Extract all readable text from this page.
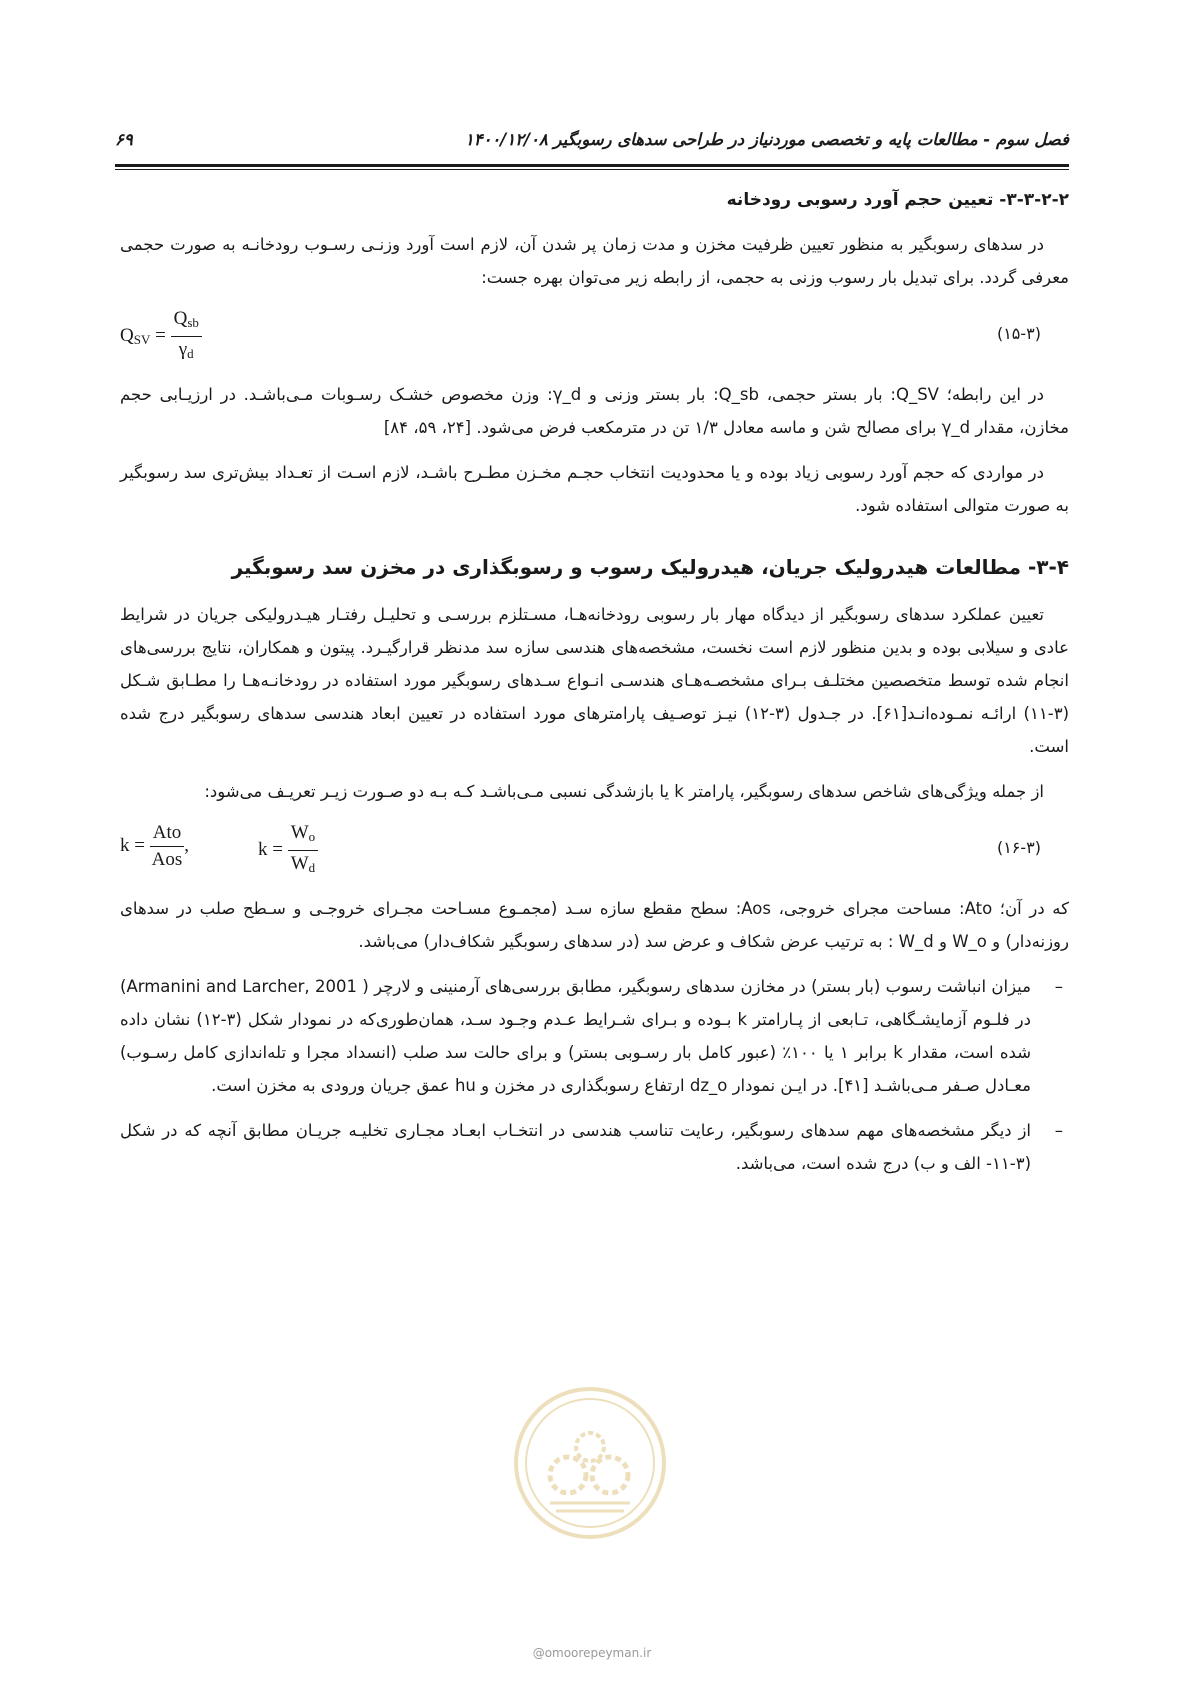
فصل سوم - مطالعات پایه و تخصصی موردنیاز در طراحی سدهای رسوبگیر ۱۴۰۰/۱۲/۰۸
۶۹
۳-۳-۲-۲- تعیین حجم آورد رسوبی رودخانه

در سدهای رسوبگیر به منظور تعیین ظرفیت مخزن و مدت زمان پر شدن آن، لازم است آورد وزنـی رسـوب رودخانـه به صورت حجمی معرفی گردد. برای تبدیل بار رسوب وزنی به حجمی، از رابطه زیر می‌توان بهره جست:

$Q_{SV} = \frac{Q_{sb}}{\gamma_d}$	(۱۵-۳)

در این رابطه؛ Q_SV: بار بستر حجمی، Q_sb: بار بستر وزنی و γ_d: وزن مخصوص خشـک رسـوبات مـی‌باشـد. در ارزیـابی حجم مخازن، مقدار γ_d برای مصالح شن و ماسه معادل ۱/۳ تن در مترمکعب فرض می‌شود. [۲۴، ۵۹، ۸۴]

در مواردی که حجم آورد رسوبی زیاد بوده و یا محدودیت انتخاب حجـم مخـزن مطـرح باشـد، لازم اسـت از تعـداد بیش‌تری سد رسوبگیر به صورت متوالی استفاده شود.

۳-۴- مطالعات هیدرولیک جریان، هیدرولیک رسوب و رسوبگذاری در مخزن سد رسوبگیر

تعیین عملکرد سدهای رسوبگیر از دیدگاه مهار بار رسوبی رودخانه‌هـا، مسـتلزم بررسـی و تحلیـل رفتـار هیـدرولیکی جریان در شرایط عادی و سیلابی بوده و بدین منظور لازم است نخست، مشخصه‌های هندسی سازه سد مدنظر قرارگیـرد. پیتون و همکاران، نتایج بررسی‌های انجام شده توسط متخصصین مختلـف بـرای مشخصـه‌هـای هندسـی انـواع سـدهای رسوبگیر مورد استفاده در رودخانـه‌هـا را مطـابق شـکل (۳-۱۱) ارائـه نمـوده‌انـد[۶۱]. در جـدول (۳-۱۲) نیـز توصـیف پارامترهای مورد استفاده در تعیین ابعاد هندسی سدهای رسوبگیر درج شده است.

از جمله ویژگی‌های شاخص سدهای رسوبگیر، پارامتر k یا بازشدگی نسبی مـی‌باشـد کـه بـه دو صـورت زیـر تعریـف می‌شود:

$k = \frac{\text{Ato}}{\text{Aos}}$ ,	$k = \frac{W_o}{W_d}$	(۱۶-۳)

که در آن؛ Ato: مساحت مجرای خروجی، Aos: سطح مقطع سازه سـد (مجمـوع مسـاحت مجـرای خروجـی و سـطح صلب در سدهای روزنه‌دار) و W_o و W_d : به ترتیب عرض شکاف و عرض سد (در سدهای رسوبگیر شکاف‌دار) می‌باشد.

–
میزان انباشت رسوب (بار بستر) در مخازن سدهای رسوبگیر، مطابق بررسی‌های آرمنینی و لارچر ( Armanini and Larcher, 2001) در فلـوم آزمایشـگاهی، تـابعی از پـارامتر k بـوده و بـرای شـرایط عـدم وجـود سـد، همان‌طوری‌که در نمودار شکل (۳-۱۲) نشان داده شده است، مقدار k برابر ۱ یا ۱۰۰٪ (عبور کامل بار رسـوبی بستر) و برای حالت سد صلب (انسداد مجرا و تله‌اندازی کامل رسـوب) معـادل صـفر مـی‌باشـد [۴۱]. در ایـن نمودار dz_o ارتفاع رسوبگذاری در مخزن و hu عمق جریان ورودی به مخزن است.
–
از دیگر مشخصه‌های مهم سدهای رسوبگیر، رعایت تناسب هندسی در انتخـاب ابعـاد مجـاری تخلیـه جریـان مطابق آنچه که در شکل (۳-۱۱- الف و ب) درج شده است، می‌باشد.
@omoorepeyman.ir
